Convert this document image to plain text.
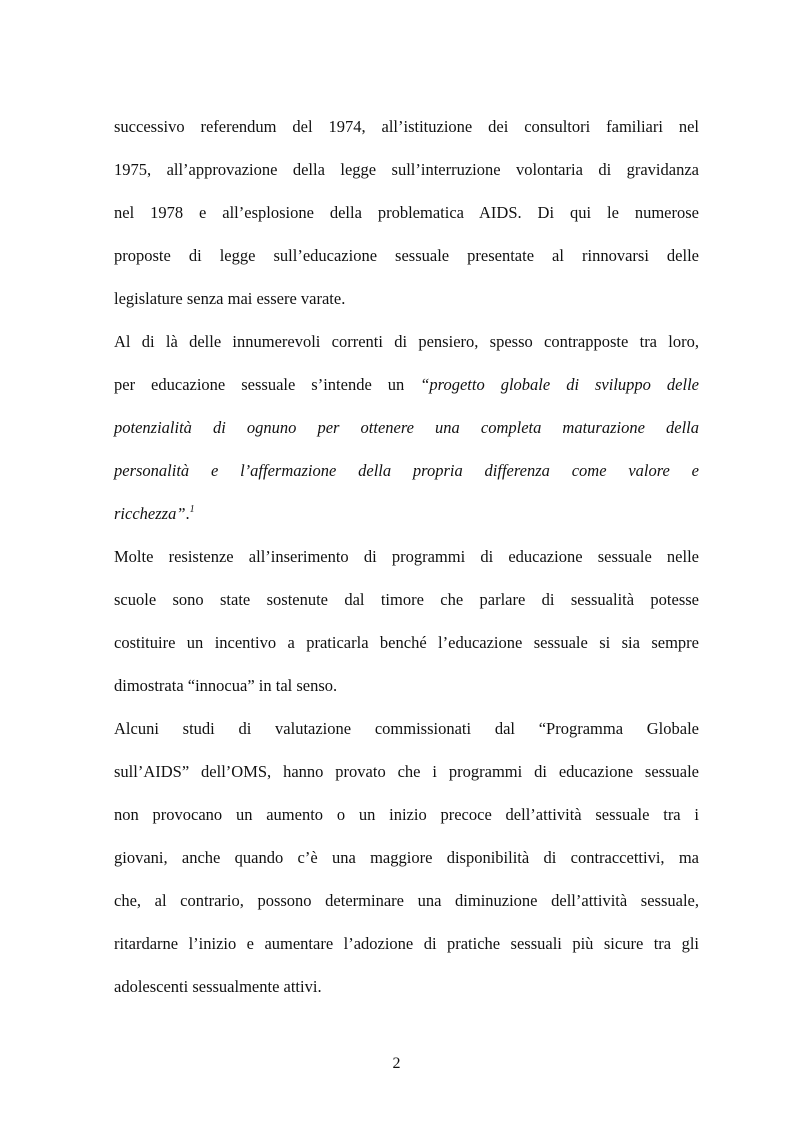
successivo referendum del 1974, all’istituzione dei consultori familiari nel
1975, all’approvazione della legge sull’interruzione volontaria di gravidanza
nel 1978 e all’esplosione della problematica AIDS. Di qui le numerose
proposte di legge sull’educazione sessuale presentate al rinnovarsi delle
legislature senza mai essere varate.
Al di là delle innumerevoli correnti di pensiero, spesso contrapposte tra loro,
per educazione sessuale s’intende un “progetto globale di sviluppo delle
potenzialità di ognuno per ottenere una completa maturazione della
personalità e l’affermazione della propria differenza come valore e
ricchezza”.$^1$
Molte resistenze all’inserimento di programmi di educazione sessuale nelle
scuole sono state sostenute dal timore che parlare di sessualità potesse
costituire un incentivo a praticarla benché l’educazione sessuale si sia sempre
dimostrata “innocua” in tal senso.
Alcuni studi di valutazione commissionati dal “Programma Globale
sull’AIDS” dell’OMS, hanno provato che i programmi di educazione sessuale
non provocano un aumento o un inizio precoce dell’attività sessuale tra i
giovani, anche quando c’è una maggiore disponibilità di contraccettivi, ma
che, al contrario, possono determinare una diminuzione dell’attività sessuale,
ritardarne l’inizio e aumentare l’adozione di pratiche sessuali più sicure tra gli
adolescenti sessualmente attivi.
2
